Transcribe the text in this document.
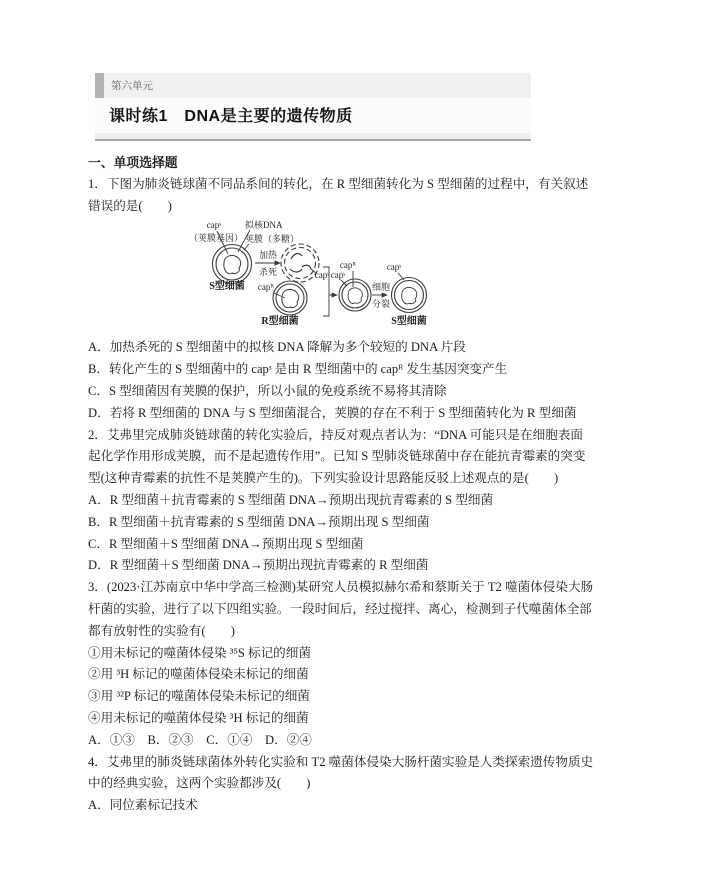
第六单元
课时练1　DNA是主要的遗传物质
一、单项选择题
1．下图为肺炎链球菌不同品系间的转化，在 R 型细菌转化为 S 型细菌的过程中，有关叙述
错误的是(　　)
capˢ
（荚膜基因）
拟核DNA
荚膜（多糖）
S型细菌
加热
杀死	capˢ
capᴿ
R型细菌
capˢ
capᴿ
细胞
分裂
capˢ
S型细菌
A．加热杀死的 S 型细菌中的拟核 DNA 降解为多个较短的 DNA 片段
B．转化产生的 S 型细菌中的 capˢ 是由 R 型细菌中的 capᴿ 发生基因突变产生
C．S 型细菌因有荚膜的保护，所以小鼠的免疫系统不易将其清除
D．若将 R 型细菌的 DNA 与 S 型细菌混合，荚膜的存在不利于 S 型细菌转化为 R 型细菌
2．艾弗里完成肺炎链球菌的转化实验后，持反对观点者认为：“DNA 可能只是在细胞表面
起化学作用形成荚膜，而不是起遗传作用”。已知 S 型肺炎链球菌中存在能抗青霉素的突变
型(这种青霉素的抗性不是荚膜产生的)。下列实验设计思路能反驳上述观点的是(　　)
A．R 型细菌＋抗青霉素的 S 型细菌 DNA→预期出现抗青霉素的 S 型细菌
B．R 型细菌＋抗青霉素的 S 型细菌 DNA→预期出现 S 型细菌
C．R 型细菌＋S 型细菌 DNA→预期出现 S 型细菌
D．R 型细菌＋S 型细菌 DNA→预期出现抗青霉素的 R 型细菌
3．(2023·江苏南京中华中学高三检测)某研究人员模拟赫尔希和蔡斯关于 T2 噬菌体侵染大肠
杆菌的实验，进行了以下四组实验。一段时间后，经过搅拌、离心，检测到子代噬菌体全部
都有放射性的实验有(　　)
①用未标记的噬菌体侵染 ³⁵S 标记的细菌
②用 ³H 标记的噬菌体侵染未标记的细菌
③用 ³²P 标记的噬菌体侵染未标记的细菌
④用未标记的噬菌体侵染 ³H 标记的细菌
A．①③　B．②③　C．①④　D．②④
4．艾弗里的肺炎链球菌体外转化实验和 T2 噬菌体侵染大肠杆菌实验是人类探索遗传物质史
中的经典实验，这两个实验都涉及(　　)
A．同位素标记技术
